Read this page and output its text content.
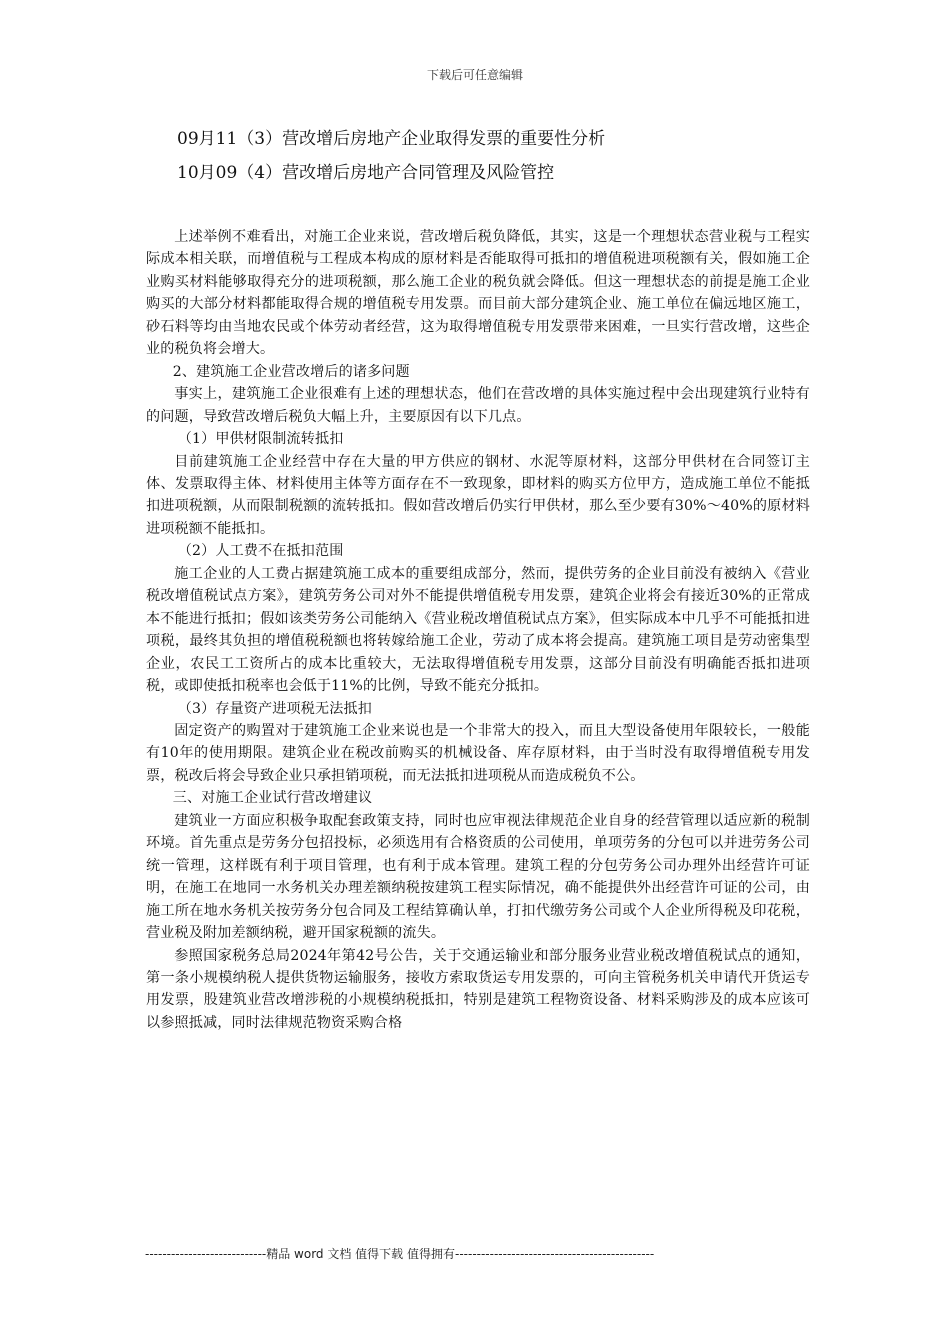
下载后可任意编辑
09月11（3）营改增后房地产企业取得发票的重要性分析
10月09（4）营改增后房地产合同管理及风险管控

上述举例不难看出，对施工企业来说，营改增后税负降低，其实，这是一个理想状态营业税与工程实际成本相关联，而增值税与工程成本构成的原材料是否能取得可抵扣的增值税进项税额有关，假如施工企业购买材料能够取得充分的进项税额，那么施工企业的税负就会降低。但这一理想状态的前提是施工企业购买的大部分材料都能取得合规的增值税专用发票。而目前大部分建筑企业、施工单位在偏远地区施工，砂石料等均由当地农民或个体劳动者经营，这为取得增值税专用发票带来困难，一旦实行营改增，这些企业的税负将会增大。

2、建筑施工企业营改增后的诸多问题

事实上，建筑施工企业很难有上述的理想状态，他们在营改增的具体实施过程中会出现建筑行业特有的问题，导致营改增后税负大幅上升，主要原因有以下几点。

（1）甲供材限制流转抵扣

目前建筑施工企业经营中存在大量的甲方供应的钢材、水泥等原材料，这部分甲供材在合同签订主体、发票取得主体、材料使用主体等方面存在不一致现象，即材料的购买方位甲方，造成施工单位不能抵扣进项税额，从而限制税额的流转抵扣。假如营改增后仍实行甲供材，那么至少要有30%～40%的原材料进项税额不能抵扣。

（2）人工费不在抵扣范围

施工企业的人工费占据建筑施工成本的重要组成部分，然而，提供劳务的企业目前没有被纳入《营业税改增值税试点方案》，建筑劳务公司对外不能提供增值税专用发票，建筑企业将会有接近30%的正常成本不能进行抵扣；假如该类劳务公司能纳入《营业税改增值税试点方案》，但实际成本中几乎不可能抵扣进项税，最终其负担的增值税税额也将转嫁给施工企业，劳动了成本将会提高。建筑施工项目是劳动密集型企业，农民工工资所占的成本比重较大，无法取得增值税专用发票，这部分目前没有明确能否抵扣进项税，或即使抵扣税率也会低于11%的比例，导致不能充分抵扣。

（3）存量资产进项税无法抵扣

固定资产的购置对于建筑施工企业来说也是一个非常大的投入，而且大型设备使用年限较长，一般能有10年的使用期限。建筑企业在税改前购买的机械设备、库存原材料，由于当时没有取得增值税专用发票，税改后将会导致企业只承担销项税，而无法抵扣进项税从而造成税负不公。

三、对施工企业试行营改增建议

建筑业一方面应积极争取配套政策支持，同时也应审视法律规范企业自身的经营管理以适应新的税制环境。首先重点是劳务分包招投标，必须选用有合格资质的公司使用，单项劳务的分包可以并进劳务公司统一管理，这样既有利于项目管理，也有利于成本管理。建筑工程的分包劳务公司办理外出经营许可证明，在施工在地同一水务机关办理差额纳税按建筑工程实际情况，确不能提供外出经营许可证的公司，由施工所在地水务机关按劳务分包合同及工程结算确认单，打扣代缴劳务公司或个人企业所得税及印花税，营业税及附加差额纳税，避开国家税额的流失。

参照国家税务总局2024年第42号公告，关于交通运输业和部分服务业营业税改增值税试点的通知，第一条小规模纳税人提供货物运输服务，接收方索取货运专用发票的，可向主管税务机关申请代开货运专用发票，股建筑业营改增涉税的小规模纳税抵扣，特别是建筑工程物资设备、材料采购涉及的成本应该可以参照抵减，同时法律规范物资采购合格

----------------------------精品 word 文档 值得下载 值得拥有----------------------------------------------
